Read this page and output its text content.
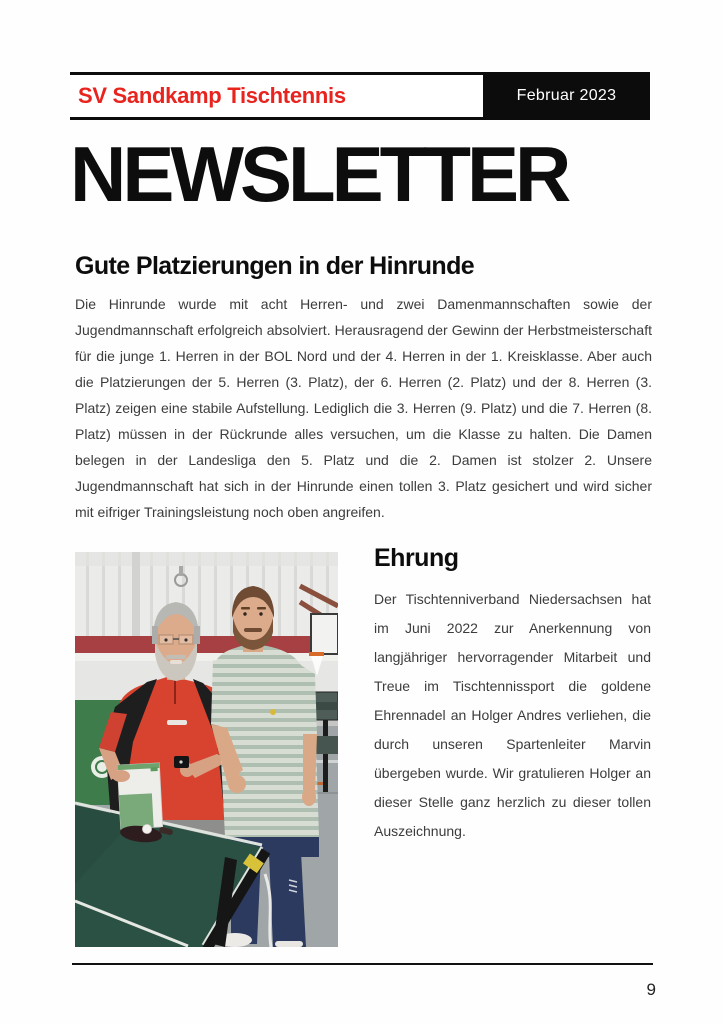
SV Sandkamp Tischtennis	Februar 2023
NEWSLETTER
Gute Platzierungen in der Hinrunde
Die Hinrunde wurde mit acht Herren- und zwei Damenmannschaften sowie der Jugendmannschaft erfolgreich absolviert. Herausragend der Gewinn der Herbstmeisterschaft für die junge 1. Herren in der BOL Nord und der 4. Herren in der 1. Kreisklasse. Aber auch die Platzierungen der 5. Herren (3. Platz), der 6. Herren (2. Platz) und der 8. Herren (3. Platz) zeigen eine stabile Aufstellung. Lediglich die 3. Herren (9. Platz) und die 7. Herren (8. Platz) müssen in der Rückrunde alles versuchen, um die Klasse zu halten. Die Damen belegen in der Landesliga den 5. Platz und die 2. Damen ist stolzer 2. Unsere Jugendmannschaft hat sich in der Hinrunde einen tollen 3. Platz gesichert und wird sicher mit eifriger Trainingsleistung noch oben angreifen.
Ehrung

Der Tischtenniverband Niedersachsen hat im Juni 2022 zur Anerkennung von langjähriger hervorragender Mitarbeit und Treue im Tischtennissport die goldene Ehrennadel an Holger Andres verliehen, die durch unseren Spartenleiter Marvin übergeben wurde. Wir gratulieren Holger an dieser Stelle ganz herzlich zu dieser tollen Auszeichnung.

9
